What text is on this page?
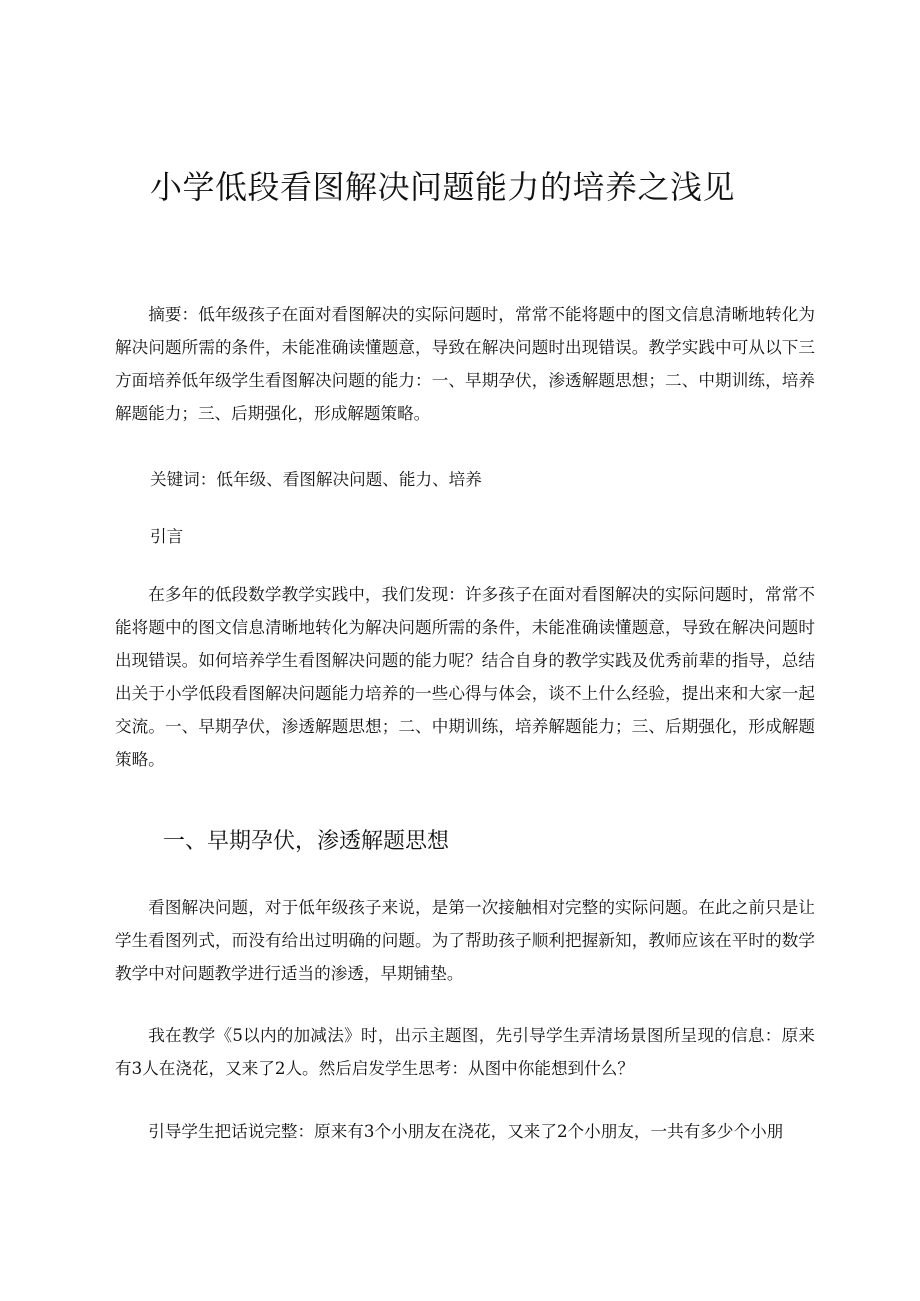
小学低段看图解决问题能力的培养之浅见

摘要：低年级孩子在面对看图解决的实际问题时，常常不能将题中的图文信息清晰地转化为解决问题所需的条件，未能准确读懂题意，导致在解决问题时出现错误。教学实践中可从以下三方面培养低年级学生看图解决问题的能力：一、早期孕伏，渗透解题思想；二、中期训练，培养解题能力；三、后期强化，形成解题策略。

关键词：低年级、看图解决问题、能力、培养

引言

在多年的低段数学教学实践中，我们发现：许多孩子在面对看图解决的实际问题时，常常不能将题中的图文信息清晰地转化为解决问题所需的条件，未能准确读懂题意，导致在解决问题时出现错误。如何培养学生看图解决问题的能力呢？结合自身的教学实践及优秀前辈的指导，总结出关于小学低段看图解决问题能力培养的一些心得与体会，谈不上什么经验，提出来和大家一起交流。一、早期孕伏，渗透解题思想；二、中期训练，培养解题能力；三、后期强化，形成解题策略。

一、早期孕伏，渗透解题思想

看图解决问题，对于低年级孩子来说，是第一次接触相对完整的实际问题。在此之前只是让学生看图列式，而没有给出过明确的问题。为了帮助孩子顺利把握新知，教师应该在平时的数学教学中对问题教学进行适当的渗透，早期铺垫。

我在教学《5以内的加减法》时，出示主题图，先引导学生弄清场景图所呈现的信息：原来有3人在浇花，又来了2人。然后启发学生思考：从图中你能想到什么？

引导学生把话说完整：原来有3个小朋友在浇花，又来了2个小朋友，一共有多少个小朋
